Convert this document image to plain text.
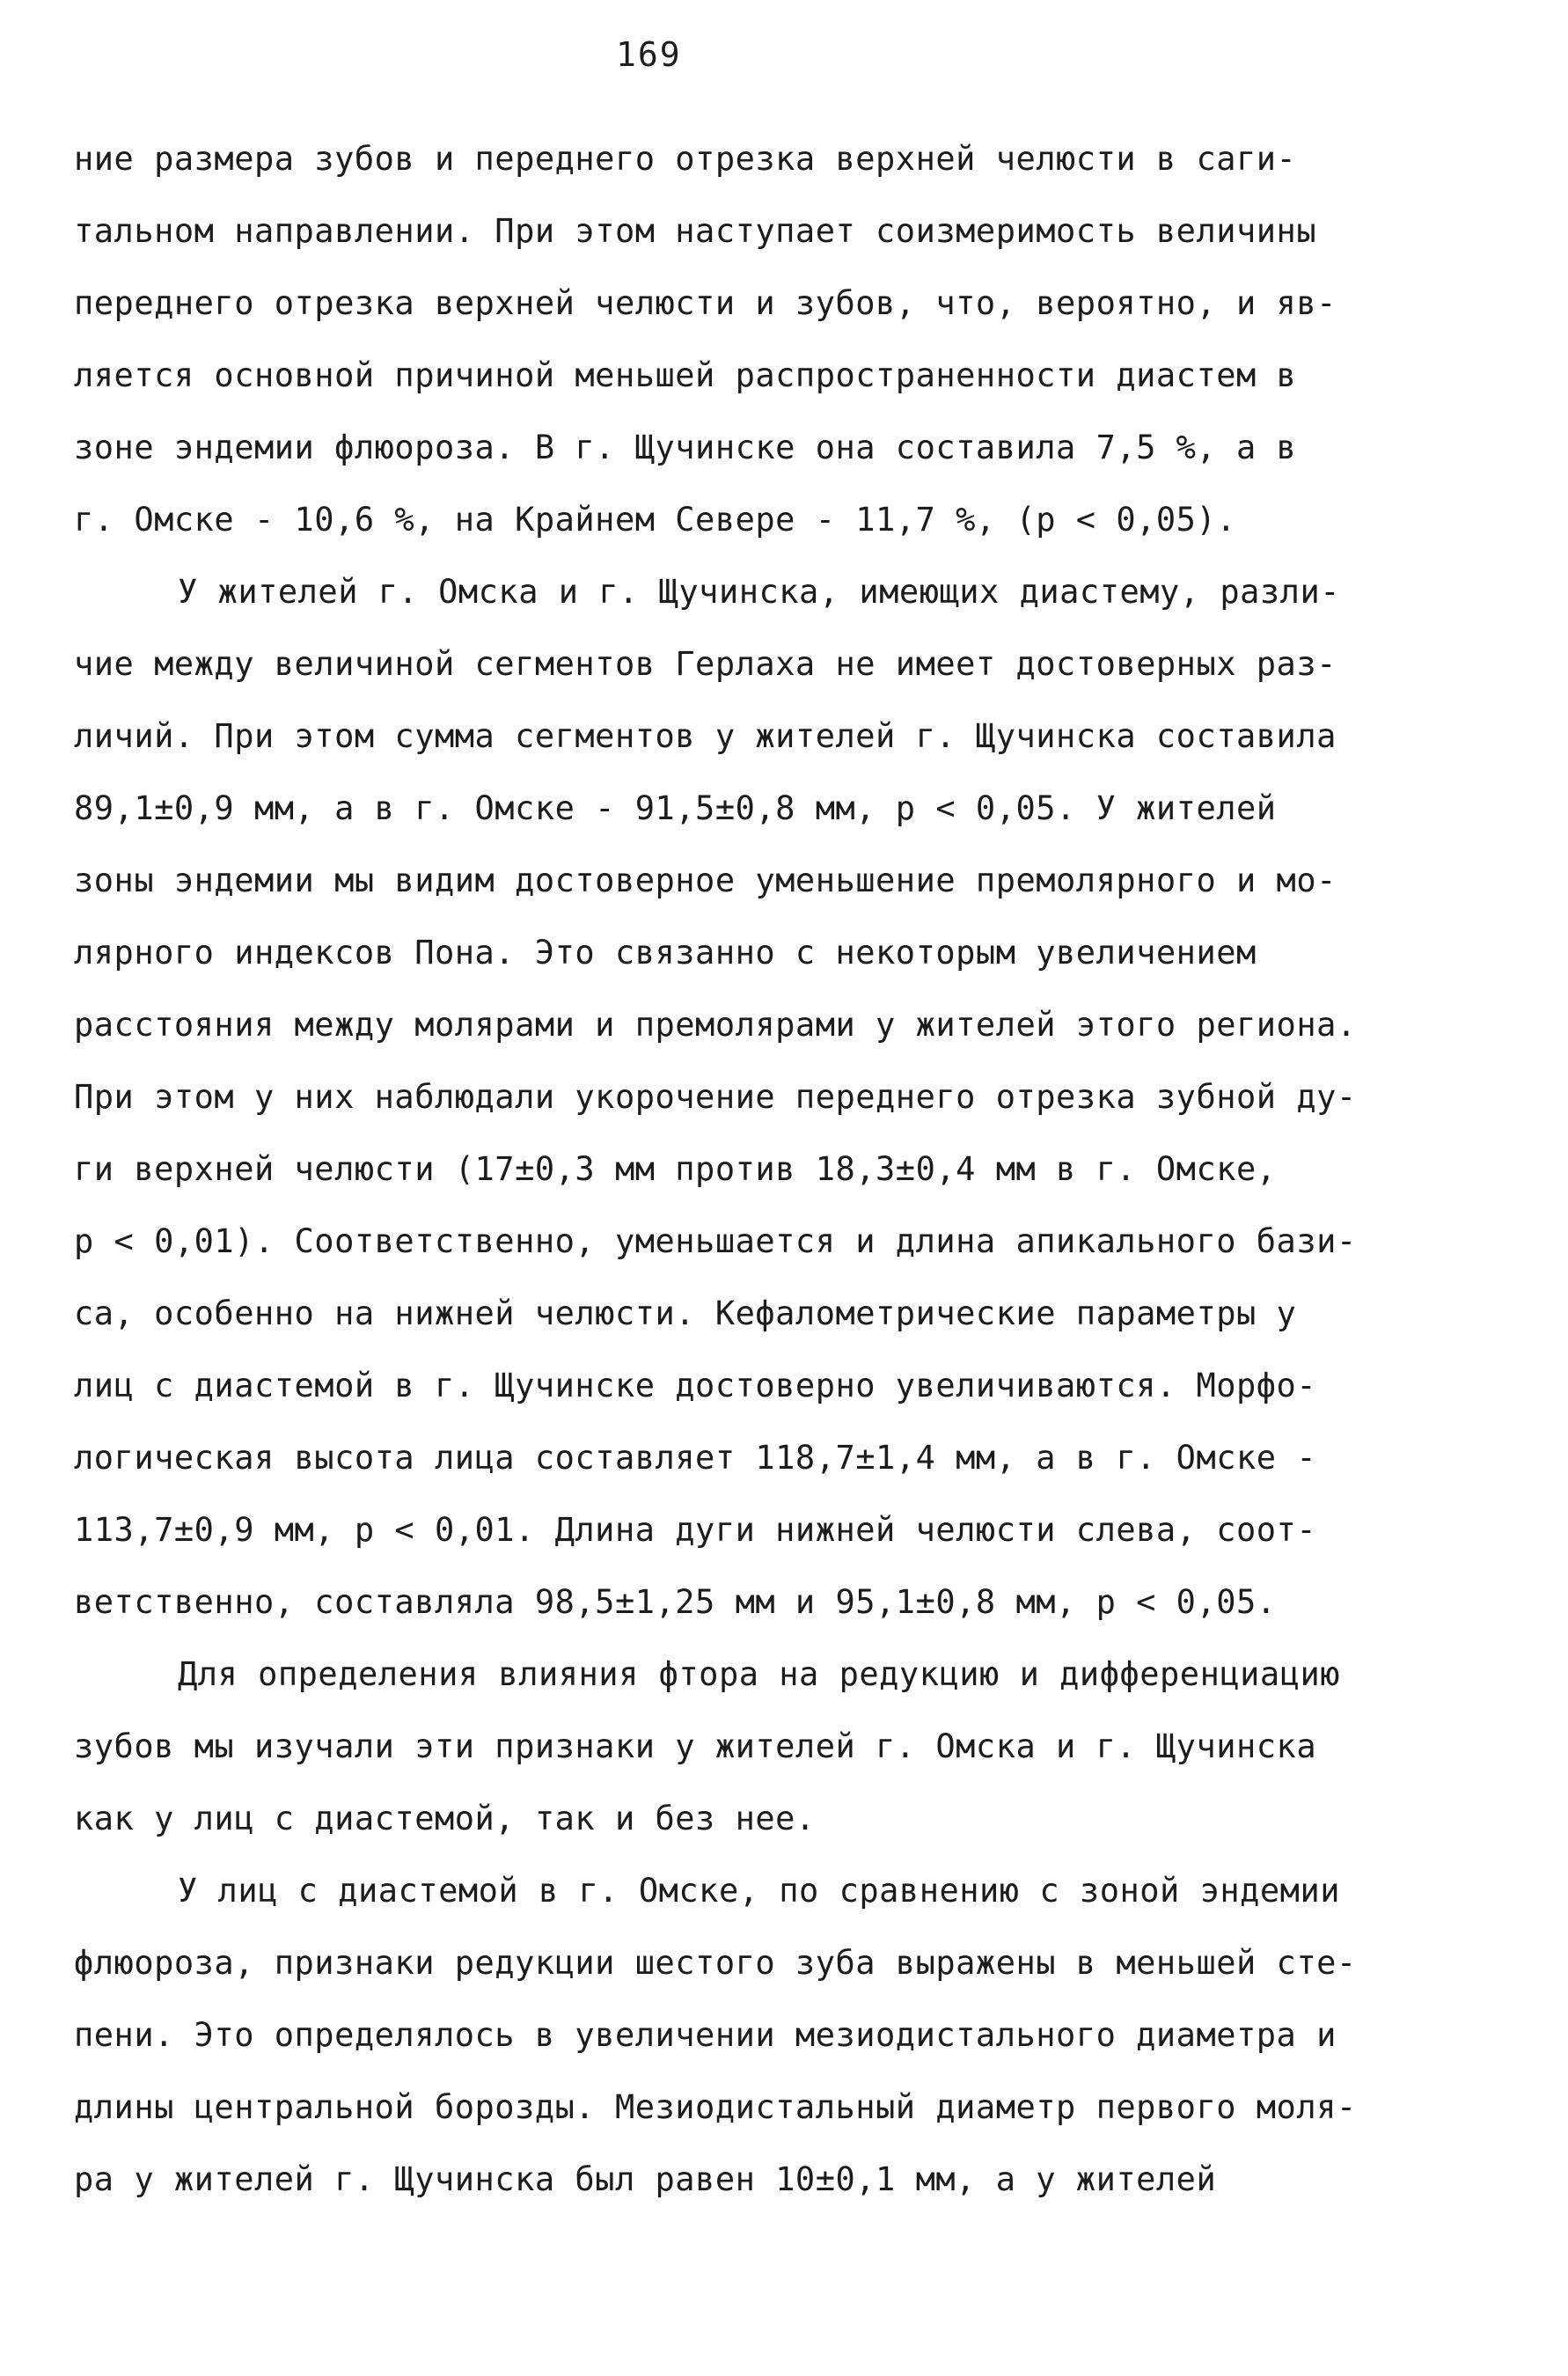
169
ние размера зубов и переднего отрезка верхней челюсти в саги-
тальном направлении. При этом наступает соизмеримость величины
переднего отрезка верхней челюсти и зубов, что, вероятно, и яв-
ляется основной причиной меньшей распространенности диастем в
зоне эндемии флюороза. В г. Щучинске она составила 7,5 %, а в
г. Омске - 10,6 %, на Крайнем Севере - 11,7 %, (р < 0,05).
У жителей г. Омска и г. Щучинска, имеющих диастему, разли-
чие между величиной сегментов Герлаха не имеет достоверных раз-
личий. При этом сумма сегментов у жителей г. Щучинска составила
89,1±0,9 мм, а в г. Омске - 91,5±0,8 мм, р < 0,05. У жителей
зоны эндемии мы видим достоверное уменьшение премолярного и мо-
лярного индексов Пона. Это связанно с некоторым увеличением
расстояния между молярами и премолярами у жителей этого региона.
При этом у них наблюдали укорочение переднего отрезка зубной ду-
ги верхней челюсти (17±0,3 мм против 18,3±0,4 мм в г. Омске,
р < 0,01). Соответственно, уменьшается и длина апикального бази-
са, особенно на нижней челюсти. Кефалометрические параметры у
лиц с диастемой в г. Щучинске достоверно увеличиваются. Морфо-
логическая высота лица составляет 118,7±1,4 мм, а в г. Омске -
113,7±0,9 мм, р < 0,01. Длина дуги нижней челюсти слева, соот-
ветственно, составляла 98,5±1,25 мм и 95,1±0,8 мм, р < 0,05.
Для определения влияния фтора на редукцию и дифференциацию
зубов мы изучали эти признаки у жителей г. Омска и г. Щучинска
как у лиц с диастемой, так и без нее.
У лиц с диастемой в г. Омске, по сравнению с зоной эндемии
флюороза, признаки редукции шестого зуба выражены в меньшей сте-
пени. Это определялось в увеличении мезиодистального диаметра и
длины центральной борозды. Мезиодистальный диаметр первого моля-
ра у жителей г. Щучинска был равен 10±0,1 мм, а у жителей
